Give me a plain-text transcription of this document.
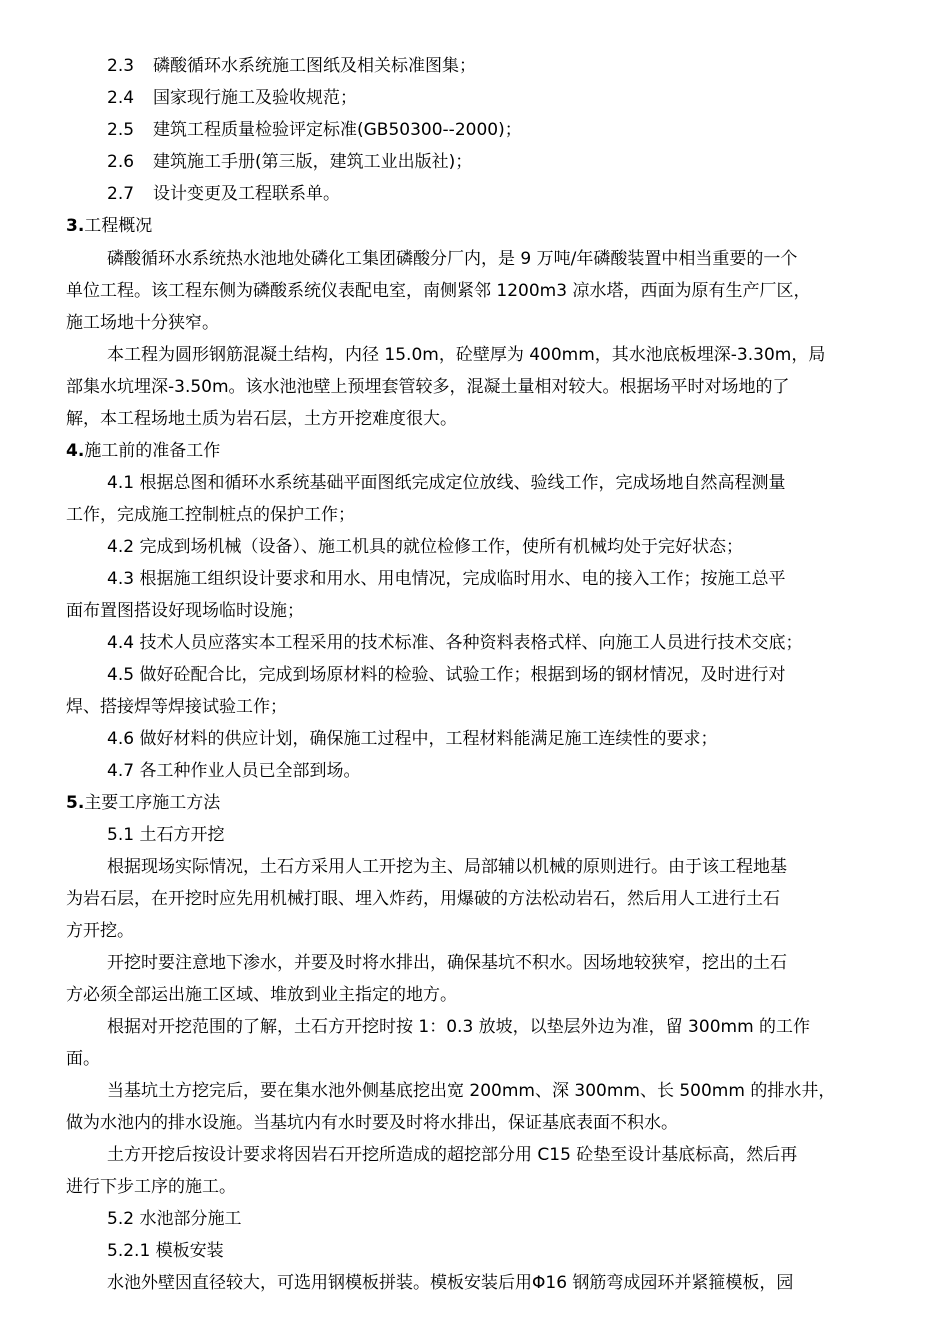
2.3 磷酸循环水系统施工图纸及相关标准图集；
2.4 国家现行施工及验收规范；
2.5 建筑工程质量检验评定标准(GB50300--2000)；
2.6 建筑施工手册(第三版，建筑工业出版社)；
2.7 设计变更及工程联系单。
3.工程概况
磷酸循环水系统热水池地处磷化工集团磷酸分厂内，是 9 万吨/年磷酸装置中相当重要的一个
单位工程。该工程东侧为磷酸系统仪表配电室，南侧紧邻 1200m3 凉水塔，西面为原有生产厂区，
施工场地十分狭窄。
本工程为圆形钢筋混凝土结构，内径 15.0m，砼壁厚为 400mm，其水池底板埋深-3.30m，局
部集水坑埋深-3.50m。该水池池壁上预埋套管较多，混凝土量相对较大。根据场平时对场地的了
解，本工程场地土质为岩石层，土方开挖难度很大。
4.施工前的准备工作
4.1 根据总图和循环水系统基础平面图纸完成定位放线、验线工作，完成场地自然高程测量
工作，完成施工控制桩点的保护工作；
4.2 完成到场机械（设备）、施工机具的就位检修工作，使所有机械均处于完好状态；
4.3 根据施工组织设计要求和用水、用电情况，完成临时用水、电的接入工作；按施工总平
面布置图搭设好现场临时设施；
4.4 技术人员应落实本工程采用的技术标准、各种资料表格式样、向施工人员进行技术交底；
4.5 做好砼配合比，完成到场原材料的检验、试验工作；根据到场的钢材情况，及时进行对
焊、搭接焊等焊接试验工作；
4.6 做好材料的供应计划，确保施工过程中，工程材料能满足施工连续性的要求；
4.7 各工种作业人员已全部到场。
5.主要工序施工方法
5.1 土石方开挖
根据现场实际情况，土石方采用人工开挖为主、局部辅以机械的原则进行。由于该工程地基
为岩石层，在开挖时应先用机械打眼、埋入炸药，用爆破的方法松动岩石，然后用人工进行土石
方开挖。
开挖时要注意地下渗水，并要及时将水排出，确保基坑不积水。因场地较狭窄，挖出的土石
方必须全部运出施工区域、堆放到业主指定的地方。
根据对开挖范围的了解，土石方开挖时按 1：0.3 放坡，以垫层外边为准，留 300mm 的工作
面。
当基坑土方挖完后，要在集水池外侧基底挖出宽 200mm、深 300mm、长 500mm 的排水井，
做为水池内的排水设施。当基坑内有水时要及时将水排出，保证基底表面不积水。
土方开挖后按设计要求将因岩石开挖所造成的超挖部分用 C15 砼垫至设计基底标高，然后再
进行下步工序的施工。
5.2 水池部分施工
5.2.1 模板安装
水池外壁因直径较大，可选用钢模板拼装。模板安装后用Φ16 钢筋弯成园环并紧箍模板，园
